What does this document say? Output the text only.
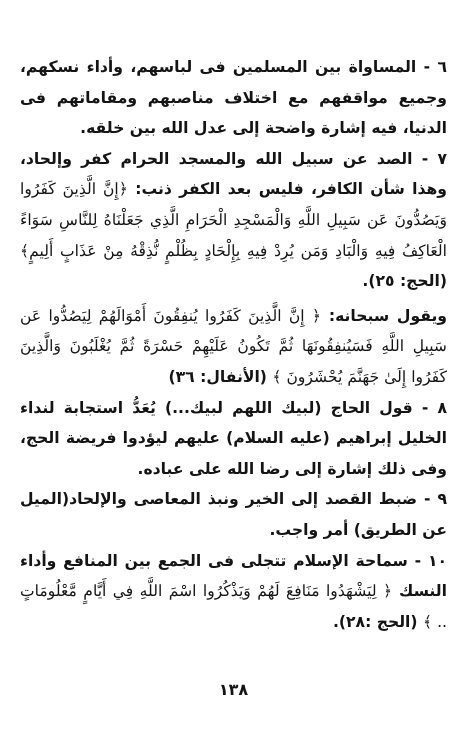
٦ - المساواة بين المسلمين فى لباسهم، وأداء نسكهم، وجميع مواقفهم مع اختلاف مناصبهم ومقاماتهم فى الدنيا، فيه إشارة واضحة إلى عدل الله بين خلقه.

٧ - الصد عن سبيل الله والمسجد الحرام كفر وإلحاد، وهذا شأن الكافر، فليس بعد الكفر ذنب: ﴿إِنَّ الَّذِينَ كَفَرُوا وَيَصُدُّونَ عَن سَبِيلِ اللَّهِ وَالْمَسْجِدِ الْحَرَامِ الَّذِي جَعَلْنَاهُ لِلنَّاسِ سَوَاءً الْعَاكِفُ فِيهِ وَالْبَادِ وَمَن يُرِدْ فِيهِ بِإِلْحَادٍ بِظُلْمٍ نُّذِقْهُ مِنْ عَذَابٍ أَلِيمٍ﴾ (الحج: ٢٥).

ويقول سبحانه: ﴿ إِنَّ الَّذِينَ كَفَرُوا يُنفِقُونَ أَمْوَالَهُمْ لِيَصُدُّوا عَن سَبِيلِ اللَّهِ فَسَيُنفِقُونَهَا ثُمَّ تَكُونُ عَلَيْهِمْ حَسْرَةً ثُمَّ يُغْلَبُونَ وَالَّذِينَ كَفَرُوا إِلَىٰ جَهَنَّمَ يُحْشَرُونَ ﴾ (الأنفال: ٣٦)

٨ - قول الحاج (لبيك اللهم لبيك...) يُعَدُّ استجابة لنداء الخليل إبراهيم (عليه السلام) عليهم ليؤدوا فريضة الحج، وفى ذلك إشارة إلى رضا الله على عباده.

٩ - ضبط القصد إلى الخير ونبذ المعاصى والإلحاد(الميل عن الطريق) أمر واجب.

١٠ - سماحة الإسلام تتجلى فى الجمع بين المنافع وأداء النسك ﴿ لِيَشْهَدُوا مَنَافِعَ لَهُمْ وَيَذْكُرُوا اسْمَ اللَّهِ فِي أَيَّامٍ مَّعْلُومَاتٍ .. ﴾ (الحج :٢٨).

١٣٨
